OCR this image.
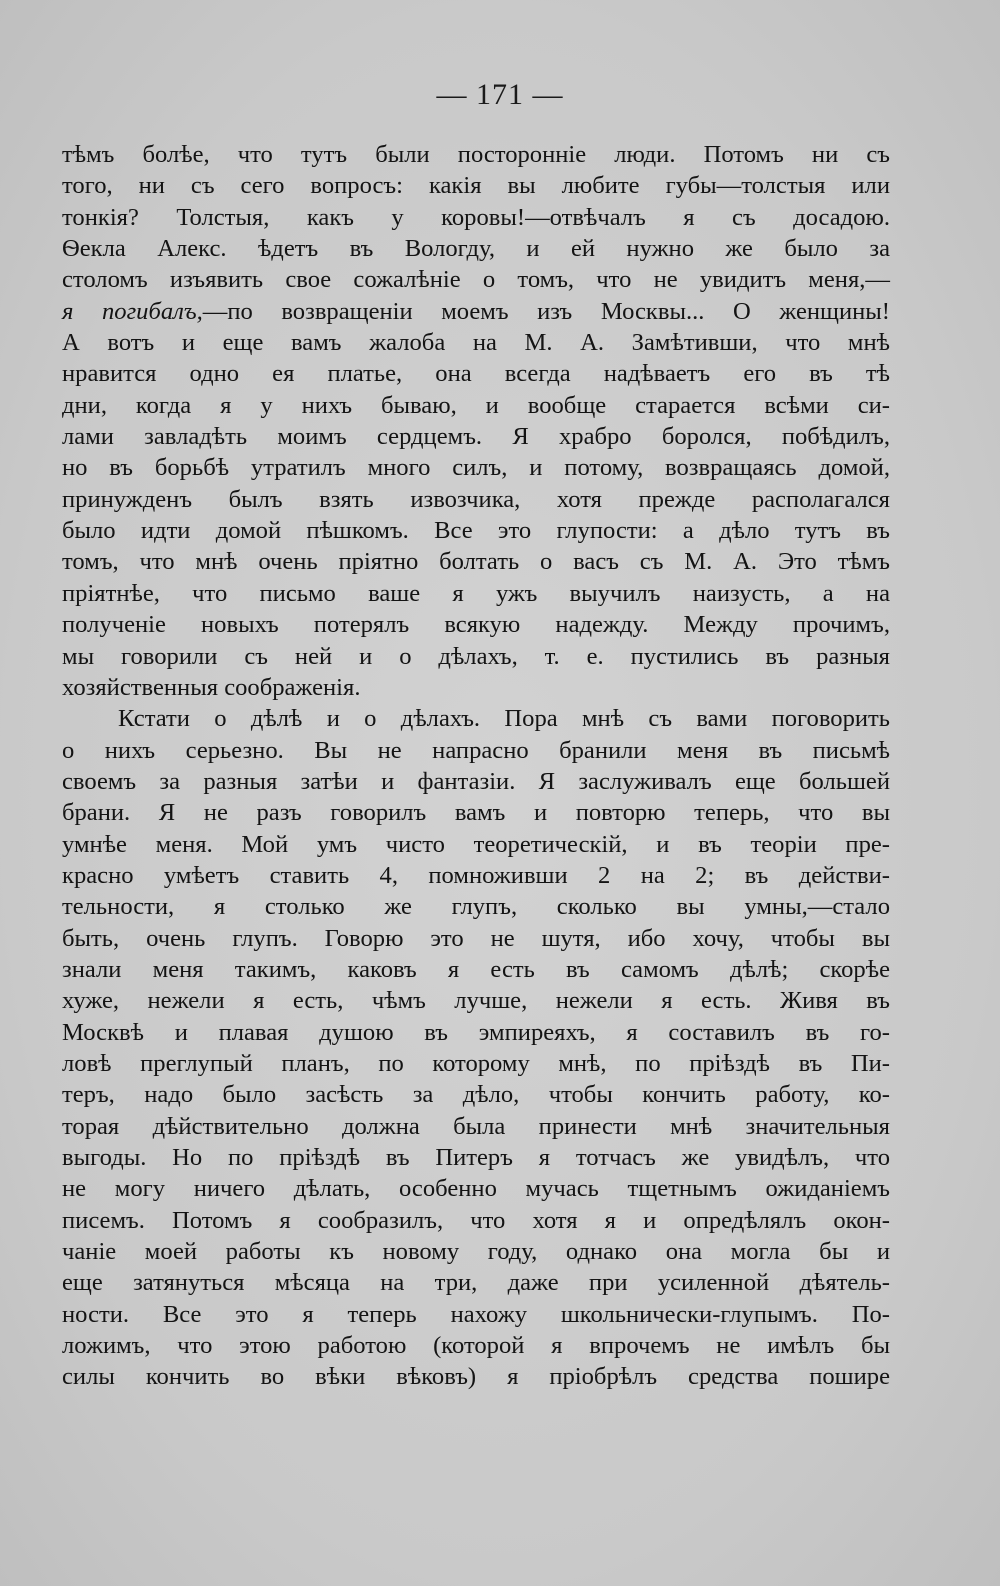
— 171 —
тѣмъ болѣе, что тутъ были посторонніе люди. Потомъ ни съ
того, ни съ сего вопросъ: какія вы любите губы—толстыя или
тонкія? Толстыя, какъ у коровы!—отвѣчалъ я съ досадою.
Ѳекла Алекс. ѣдетъ въ Вологду, и ей нужно же было за
столомъ изъявить свое сожалѣніе о томъ, что не увидитъ меня,—
я погибалъ,—по возвращеніи моемъ изъ Москвы... О женщины!
А вотъ и еще вамъ жалоба на М. А. Замѣтивши, что мнѣ
нравится одно ея платье, она всегда надѣваетъ его въ тѣ
дни, когда я у нихъ бываю, и вообще старается всѣми си-
лами завладѣть моимъ сердцемъ. Я храбро боролся, побѣдилъ,
но въ борьбѣ утратилъ много силъ, и потому, возвращаясь домой,
принужденъ былъ взять извозчика, хотя прежде располагался
было идти домой пѣшкомъ. Все это глупости: а дѣло тутъ въ
томъ, что мнѣ очень пріятно болтать о васъ съ М. А. Это тѣмъ
пріятнѣе, что письмо ваше я ужъ выучилъ наизусть, а на
полученіе новыхъ потерялъ всякую надежду. Между прочимъ,
мы говорили съ ней и о дѣлахъ, т. е. пустились въ разныя
хозяйственныя соображенія.
Кстати о дѣлѣ и о дѣлахъ. Пора мнѣ съ вами поговорить
о нихъ серьезно. Вы не напрасно бранили меня въ письмѣ
своемъ за разныя затѣи и фантазіи. Я заслуживалъ еще большей
брани. Я не разъ говорилъ вамъ и повторю теперь, что вы
умнѣе меня. Мой умъ чисто теоретическій, и въ теоріи пре-
красно умѣетъ ставить 4, помноживши 2 на 2; въ действи-
тельности, я столько же глупъ, сколько вы умны,—стало
быть, очень глупъ. Говорю это не шутя, ибо хочу, чтобы вы
знали меня такимъ, каковъ я есть въ самомъ дѣлѣ; скорѣе
хуже, нежели я есть, чѣмъ лучше, нежели я есть. Живя въ
Москвѣ и плавая душою въ эмпиреяхъ, я составилъ въ го-
ловѣ преглупый планъ, по которому мнѣ, по пріѣздѣ въ Пи-
теръ, надо было засѣсть за дѣло, чтобы кончить работу, ко-
торая дѣйствительно должна была принести мнѣ значительныя
выгоды. Но по пріѣздѣ въ Питеръ я тотчасъ же увидѣлъ, что
не могу ничего дѣлать, особенно мучась тщетнымъ ожиданіемъ
писемъ. Потомъ я сообразилъ, что хотя я и опредѣлялъ окон-
чаніе моей работы къ новому году, однако она могла бы и
еще затянуться мѣсяца на три, даже при усиленной дѣятель-
ности. Все это я теперь нахожу школьнически-глупымъ. По-
ложимъ, что этою работою (которой я впрочемъ не имѣлъ бы
силы кончить во вѣки вѣковъ) я пріобрѣлъ средства пошире
